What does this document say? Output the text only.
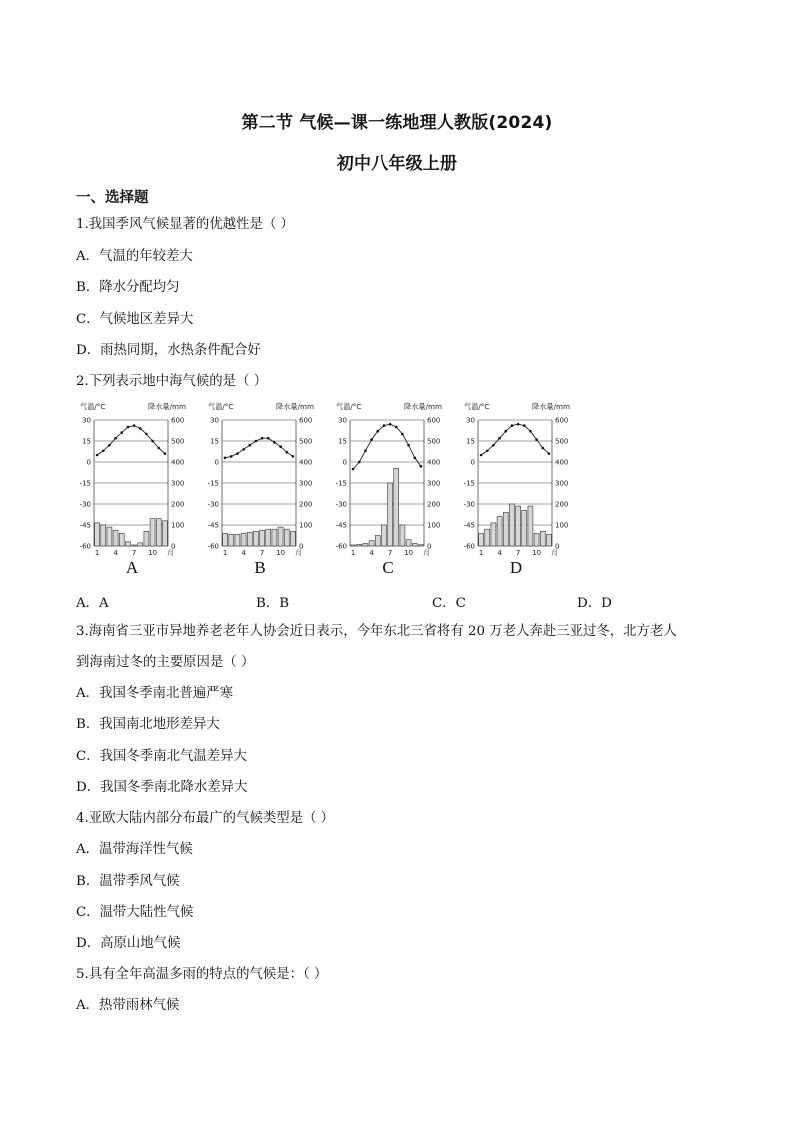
第二节 气候—课一练地理人教版(2024)
初中八年级上册
一、选择题
1.我国季风气候显著的优越性是（ ）
A．气温的年较差大
B．降水分配均匀
C．气候地区差异大
D．雨热同期，水热条件配合好
2.下列表示地中海气候的是（ ）
气温/°C	降水量/mm
30	600
15	500
0	400
-15	300
-30	200
-45	100
-60	0
1 4 7 10 月
A
气温/°C	降水量/mm
30	600
15	500
0	400
-15	300
-30	200
-45	100
-60	0
1 4 7 10 月
B
气温/°C	降水量/mm
30	600
15	500
0	400
-15	300
-30	200
-45	100
-60	0
1 4 7 10 月
C
气温/°C	降水量/mm
30	600
15	500
0	400
-15	300
-30	200
-45	100
-60	0
1 4 7 10 月
D
A．A	B．B	C．C	D．D
3.海南省三亚市异地养老老年人协会近日表示，今年东北三省将有 20 万老人奔赴三亚过冬，北方老人
到海南过冬的主要原因是（ ）
A．我国冬季南北普遍严寒
B．我国南北地形差异大
C．我国冬季南北气温差异大
D．我国冬季南北降水差异大
4.亚欧大陆内部分布最广的气候类型是（ ）
A．温带海洋性气候
B．温带季风气候
C．温带大陆性气候
D．高原山地气候
5.具有全年高温多雨的特点的气候是：（ ）
A．热带雨林气候
